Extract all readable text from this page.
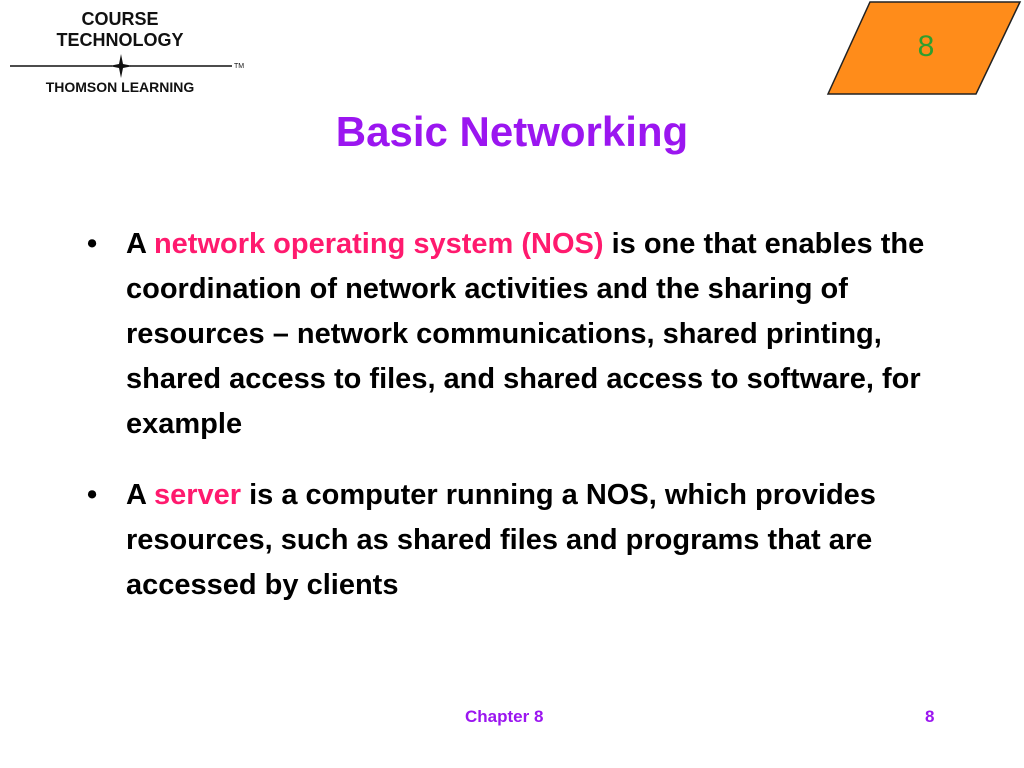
COURSE
TECHNOLOGY
TM
THOMSON LEARNING
8
Basic Networking
• A network operating system (NOS) is one that enables the coordination of network activities and the sharing of resources – network communications, shared printing, shared access to files, and shared access to software, for example
• A server is a computer running a NOS, which provides resources, such as shared files and programs that are accessed by clients
Chapter 8	8
